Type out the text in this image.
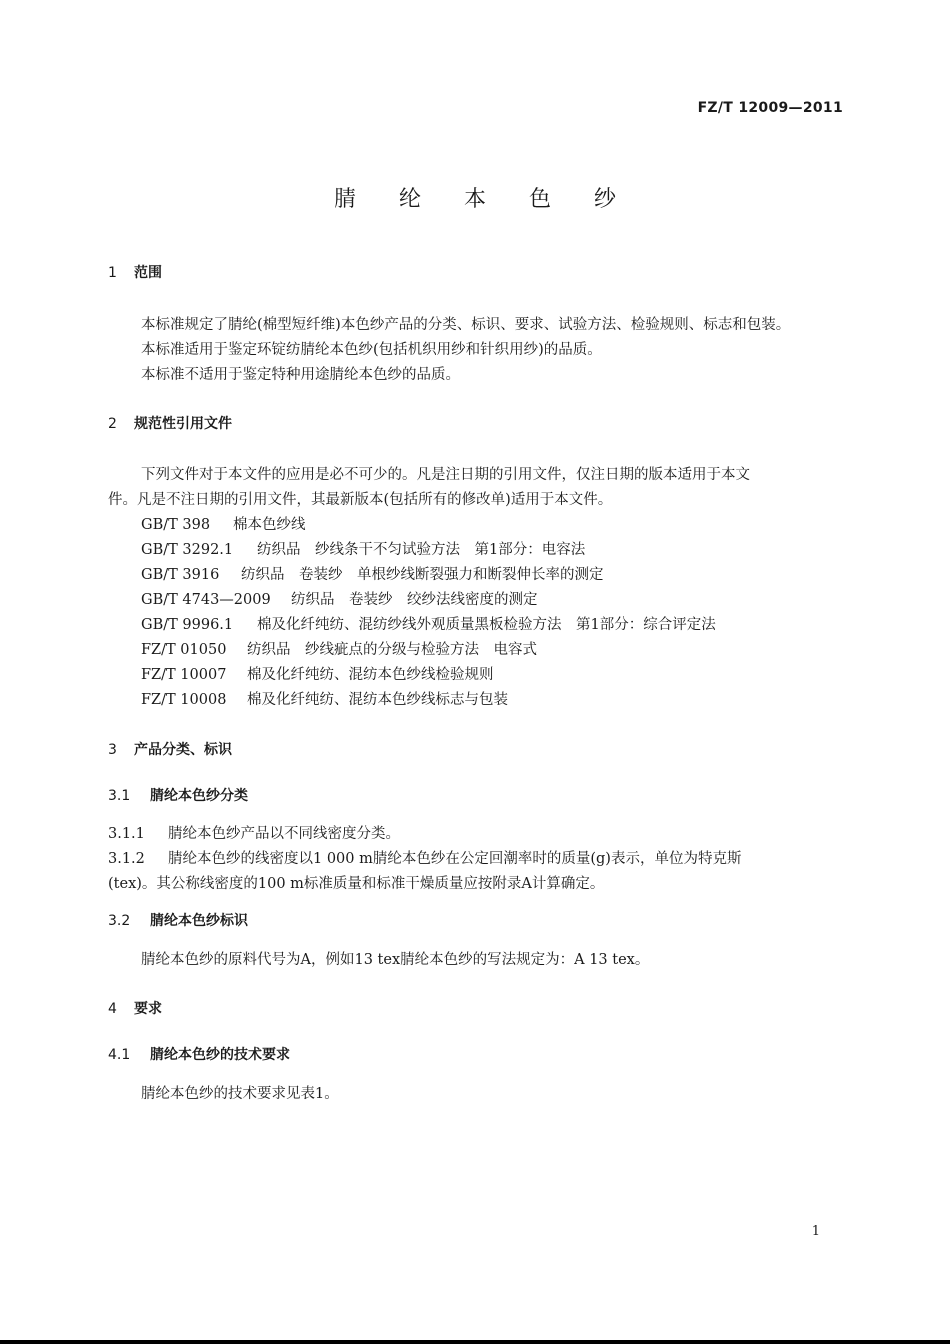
FZ/T 12009—2011
腈 纶 本 色 纱
1 范围
本标准规定了腈纶(棉型短纤维)本色纱产品的分类、标识、要求、试验方法、检验规则、标志和包装。
本标准适用于鉴定环锭纺腈纶本色纱(包括机织用纱和针织用纱)的品质。
本标准不适用于鉴定特种用途腈纶本色纱的品质。
2 规范性引用文件
下列文件对于本文件的应用是必不可少的。凡是注日期的引用文件，仅注日期的版本适用于本文
件。凡是不注日期的引用文件，其最新版本(包括所有的修改单)适用于本文件。
GB/T 398 棉本色纱线
GB/T 3292.1 纺织品　纱线条干不匀试验方法　第1部分：电容法
GB/T 3916 纺织品　卷装纱　单根纱线断裂强力和断裂伸长率的测定
GB/T 4743—2009 纺织品　卷装纱　绞纱法线密度的测定
GB/T 9996.1 棉及化纤纯纺、混纺纱线外观质量黑板检验方法　第1部分：综合评定法
FZ/T 01050 纺织品　纱线疵点的分级与检验方法　电容式
FZ/T 10007 棉及化纤纯纺、混纺本色纱线检验规则
FZ/T 10008 棉及化纤纯纺、混纺本色纱线标志与包装
3 产品分类、标识
3.1 腈纶本色纱分类
3.1.1 腈纶本色纱产品以不同线密度分类。
3.1.2 腈纶本色纱的线密度以1 000 m腈纶本色纱在公定回潮率时的质量(g)表示，单位为特克斯
(tex)。其公称线密度的100 m标准质量和标准干燥质量应按附录A计算确定。
3.2 腈纶本色纱标识
腈纶本色纱的原料代号为A，例如13 tex腈纶本色纱的写法规定为：A 13 tex。
4 要求
4.1 腈纶本色纱的技术要求
腈纶本色纱的技术要求见表1。
1
